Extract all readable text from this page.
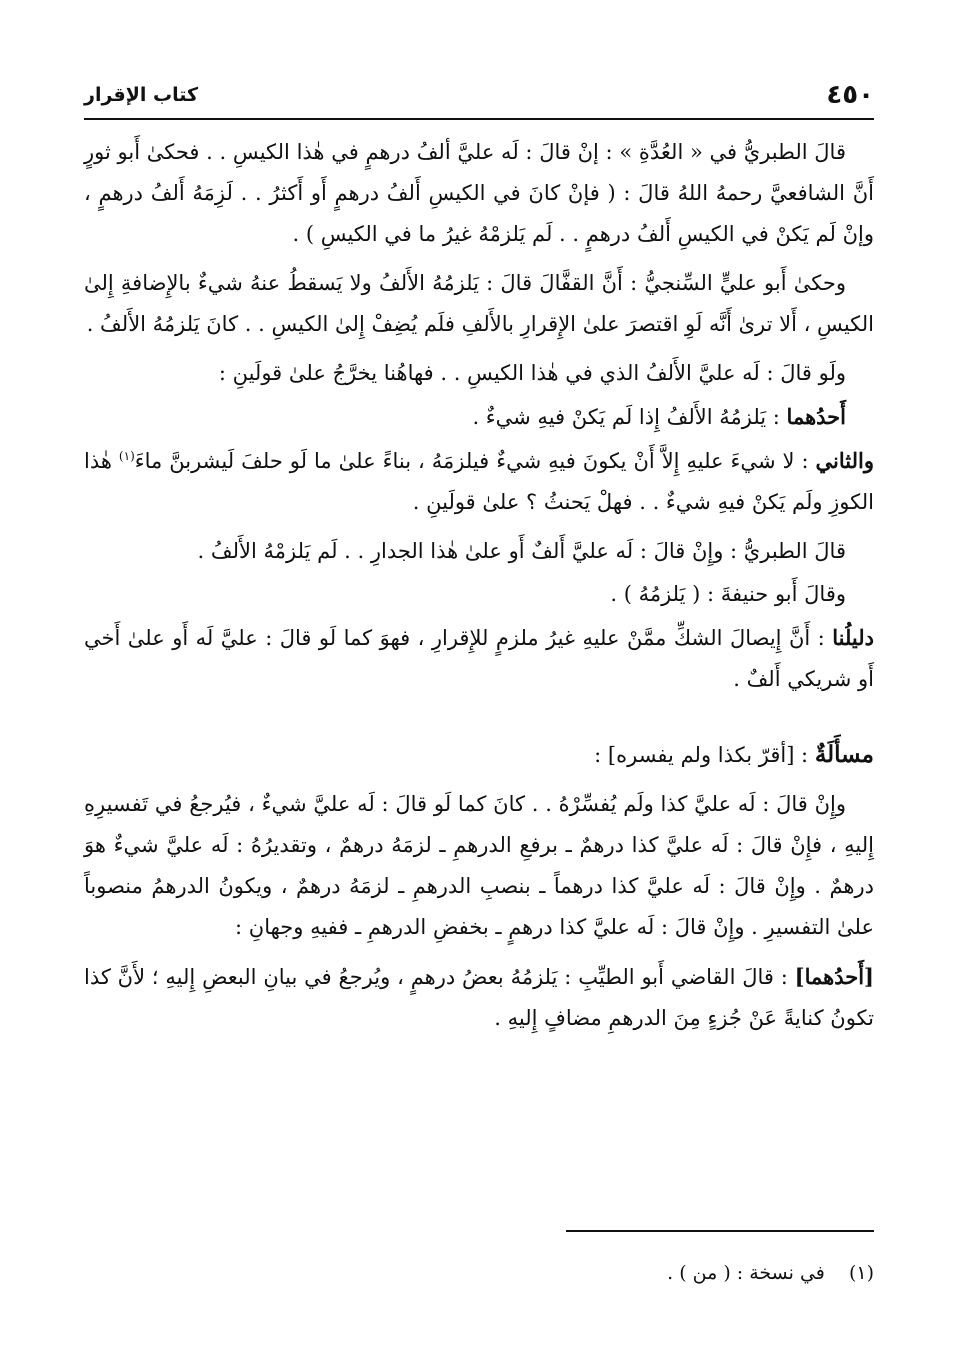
٤٥٠
كتاب الإقرار

قالَ الطبريُّ في « العُدَّةِ » : إنْ قالَ : لَه عليَّ ألفُ درهمٍ في هٰذا الكيسِ . . فحكىٰ أَبو ثورٍ أَنَّ الشافعيَّ رحمهُ اللهُ قالَ : ( فإنْ كانَ في الكيسِ أَلفُ درهمٍ أَو أَكثرُ . . لَزِمَهُ أَلفُ درهمٍ ، وإنْ لَم يَكنْ في الكيسِ أَلفُ درهمٍ . . لَم يَلزمْهُ غيرُ ما في الكيسِ ) .

وحكىٰ أَبو عليٍّ السِّنجيُّ : أَنَّ القفَّالَ قالَ : يَلزمُهُ الأَلفُ ولا يَسقطُ عنهُ شيءٌ بالإِضافةِ إِلىٰ الكيسِ ، أَلا ترىٰ أَنَّه لَوِ اقتصرَ علىٰ الإِقرارِ بالأَلفِ فلَم يُضِفْ إِلىٰ الكيسِ . . كانَ يَلزمُهُ الأَلفُ .

ولَو قالَ : لَه عليَّ الأَلفُ الذي في هٰذا الكيسِ . . فهاهُنا يخرَّجُ علىٰ قولَينِ :

أَحدُهما : يَلزمُهُ الأَلفُ إِذا لَم يَكنْ فيهِ شيءٌ .

والثاني : لا شيءَ عليهِ إِلاَّ أَنْ يكونَ فيهِ شيءٌ فيلزمَهُ ، بناءً علىٰ ما لَو حلفَ لَيشربنَّ ماءَ$^{(١)}$ هٰذا الكوزِ ولَم يَكنْ فيهِ شيءٌ . . فهلْ يَحنثُ ؟ علىٰ قولَينِ .

قالَ الطبريُّ : وإِنْ قالَ : لَه عليَّ أَلفٌ أَو علىٰ هٰذا الجدارِ . . لَم يَلزمْهُ الأَلفُ .

وقالَ أَبو حنيفةَ : ( يَلزمُهُ ) .

دليلُنا : أَنَّ إِيصالَ الشكِّ ممَّنْ عليهِ غيرُ ملزمٍ للإِقرارِ ، فهوَ كما لَو قالَ : عليَّ لَه أَو علىٰ أَخي أَو شريكي أَلفٌ .

مسأَلَةٌ : [أقرّ بكذا ولم يفسره] :

وإِنْ قالَ : لَه عليَّ كذا ولَم يُفسِّرْهُ . . كانَ كما لَو قالَ : لَه عليَّ شيءٌ ، فيُرجعُ في تَفسيرِهِ إِليهِ ، فإِنْ قالَ : لَه عليَّ كذا درهمٌ ـ برفعِ الدرهمِ ـ لزمَهُ درهمٌ ، وتقديرُهُ : لَه عليَّ شيءٌ هوَ درهمٌ . وإِنْ قالَ : لَه عليَّ كذا درهماً ـ بنصبِ الدرهمِ ـ لزمَهُ درهمٌ ، ويكونُ الدرهمُ منصوباً علىٰ التفسيرِ . وإِنْ قالَ : لَه عليَّ كذا درهمٍ ـ بخفضِ الدرهمِ ـ ففيهِ وجهانِ :

[أَحدُهما] : قالَ القاضي أَبو الطيِّبِ : يَلزمُهُ بعضُ درهمٍ ، ويُرجعُ في بيانِ البعضِ إِليهِ ؛ لأَنَّ كذا تكونُ كنايةً عَنْ جُزءٍ مِنَ الدرهمِ مضافٍ إِليهِ .

(١) في نسخة : ( من ) .
